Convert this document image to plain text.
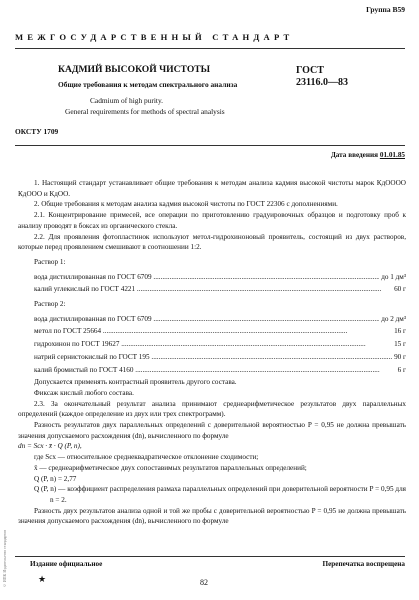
Группа В59
МЕЖГОСУДАРСТВЕННЫЙ СТАНДАРТ
КАДМИЙ ВЫСОКОЙ ЧИСТОТЫ
Общие требования к методам спектрального анализа
Cadmium of high purity.
General requirements for methods of spectral analysis
ГОСТ
23116.0—83
ОКСТУ 1709
Дата введения 01.01.85

1. Настоящий стандарт устанавливает общие требования к методам анализа кадмия высокой чистоты марок КдОООО КдООО и КдОО.

2. Общие требования к методам анализа кадмия высокой чистоты по ГОСТ 22306 с дополнениями.

2.1. Концентрирование примесей, все операции по приготовлению градуировочных образцов и подготовку проб к анализу проводят в боксах из органического стекла.

2.2. Для проявления фотопластинок используют метол-гидрохиноновый проявитель, состоящий из двух растворов, которые перед проявлением смешивают в соотношении 1:2.

Раствор 1:

вода дистиллированная по ГОСТ 6709 .....	до 1 дм³
калий углекислый по ГОСТ 4221 .....	60 г

Раствор 2:

вода дистиллированная по ГОСТ 6709 .....	до 2 дм³
метол по ГОСТ 25664 .....	16 г
гидрохинон по ГОСТ 19627 .....	15 г
натрий сернистокислый по ГОСТ 195 .....	90 г
калий бромистый по ГОСТ 4160 .....	6 г

Допускается применять контрастный проявитель другого состава.

Фиксаж кислый любого состава.

2.3. За окончательный результат анализа принимают среднеарифметическое результатов двух параллельных определений (каждое определение из двух или трех спектрограмм).

Разность результатов двух параллельных определений с доверительной вероятностью P = 0,95 не должна превышать значения допускаемого расхождения (dn), вычисленного по формуле

dn = Sсх · x̄ · Q (P, n),

где Sсх — относительное среднеквадратическое отклонение сходимости;

x̄ — среднеарифметическое двух сопоставимых результатов параллельных определений;

Q (P, n) = 2,77

Q (P, n) — коэффициент распределения размаха параллельных определений при доверительной вероятности P = 0,95 для n = 2.

Разность двух результатов анализа одной и той же пробы с доверительной вероятностью P = 0,95 не должна превышать значения допускаемого расхождения (dn), вычисленного по формуле

Издание официальное	Перепечатка воспрещена
★	82
© ИПК Издательство стандартов
